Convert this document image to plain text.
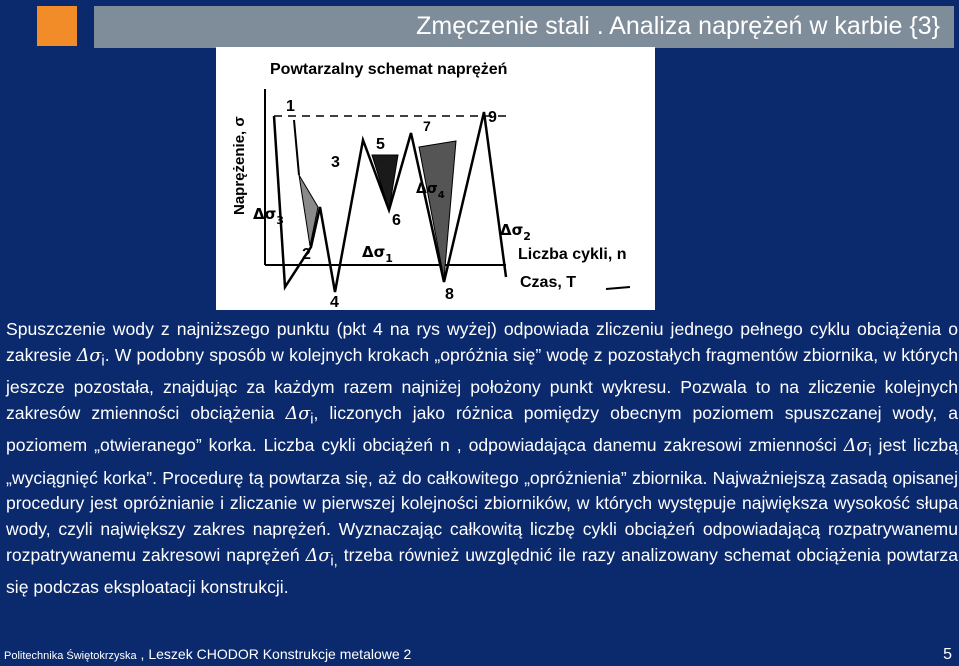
Zmęczenie stali . Analiza naprężeń w karbie {3}
Powtarzalny schemat naprężeń
Naprężenie, σ
1
2
3
4
5
6
7
8
9
$\Delta\sigma_3$
$\Delta\sigma_1$
$\Delta\sigma_4$
$\Delta\sigma_2$
Liczba cykli, n
Czas, T

Spuszczenie wody z najniższego punktu (pkt 4 na rys wyżej) odpowiada zliczeniu jednego pełnego cyklu obciążenia o zakresie $\Delta\sigma_i$. W podobny sposób w kolejnych krokach „opróżnia się” wodę z pozostałych fragmentów zbiornika, w których jeszcze pozostała, znajdując za każdym razem najniżej położony punkt wykresu. Pozwala to na zliczenie kolejnych zakresów zmienności obciążenia $\Delta\sigma_i$, liczonych jako różnica pomiędzy obecnym poziomem spuszczanej wody, a poziomem „otwieranego” korka. Liczba cykli obciążeń n , odpowiadająca danemu zakresowi zmienności $\Delta\sigma_i$ jest liczbą „wyciągnięć korka”. Procedurę tą powtarza się, aż do całkowitego „opróżnienia” zbiornika. Najważniejszą zasadą opisanej procedury jest opróżnianie i zliczanie w pierwszej kolejności zbiorników, w których występuje największa wysokość słupa wody, czyli największy zakres naprężeń. Wyznaczając całkowitą liczbę cykli obciążeń odpowiadającą rozpatrywanemu rozpatrywanemu zakresowi naprężeń $\Delta\sigma_{i,}$ trzeba również uwzględnić ile razy analizowany schemat obciążenia powtarza się podczas eksploatacji konstrukcji.

Politechnika Świętokrzyska , Leszek CHODOR Konstrukcje metalowe 2	5
